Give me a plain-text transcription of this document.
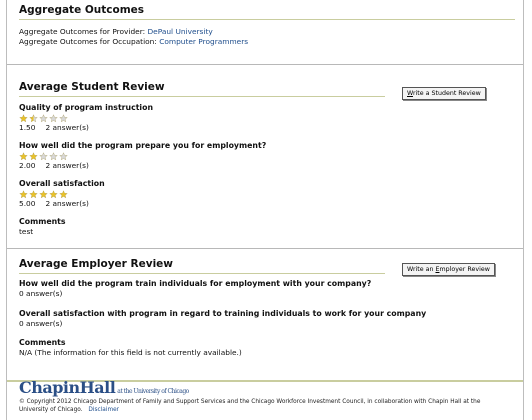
Aggregate Outcomes
Aggregate Outcomes for Provider: DePaul University
Aggregate Outcomes for Occupation: Computer Programmers
Average Student Review
Write a Student Review
Quality of program instruction
1.50 2 answer(s)
How well did the program prepare you for employment?
2.00 2 answer(s)
Overall satisfaction
5.00 2 answer(s)
Comments
test
Average Employer Review	Write an Employer Review
How well did the program train individuals for employment with your company?
0 answer(s)
Overall satisfaction with program in regard to training individuals to work for your company
0 answer(s)
Comments
N/A (The information for this field is not currently available.)
ChapinHall at the University of Chicago
© Copyright 2012 Chicago Department of Family and Support Services and the Chicago Workforce Investment Council, in collaboration with Chapin Hall at the University of Chicago. Disclaimer
